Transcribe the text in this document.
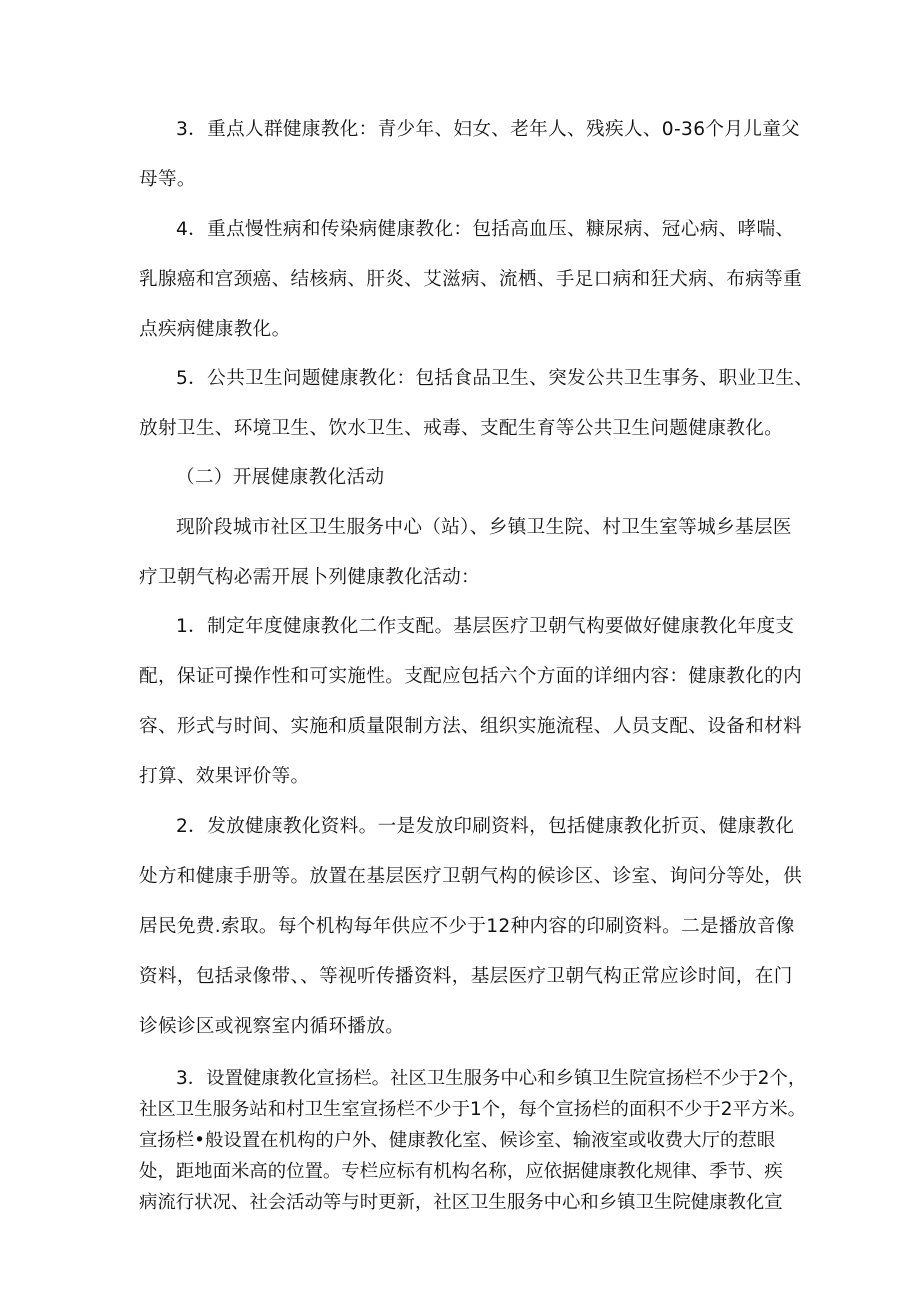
3．重点人群健康教化：青少年、妇女、老年人、残疾人、0-36个月儿童父

母等。

4．重点慢性病和传染病健康教化：包括高血压、糠尿病、冠心病、哮喘、

乳腺癌和宫颈癌、结核病、肝炎、艾滋病、流栖、手足口病和狂犬病、布病等重

点疾病健康教化。

5．公共卫生问题健康教化：包括食品卫生、突发公共卫生事务、职业卫生、

放射卫生、环境卫生、饮水卫生、戒毒、支配生育等公共卫生问题健康教化。

（二）开展健康教化活动

现阶段城市社区卫生服务中心（站）、乡镇卫生院、村卫生室等城乡基层医

疗卫朝气构必需开展卜列健康教化活动：

1．制定年度健康教化二作支配。基层医疗卫朝气构要做好健康教化年度支

配，保证可操作性和可实施性。支配应包括六个方面的详细内容：健康教化的内

容、形式与时间、实施和质量限制方法、组织实施流程、人员支配、设备和材料

打算、效果评价等。

2．发放健康教化资料。一是发放印刷资料，包括健康教化折页、健康教化

处方和健康手册等。放置在基层医疗卫朝气构的候诊区、诊室、询问分等处，供

居民免费.索取。每个机构每年供应不少于12种内容的印刷资料。二是播放音像

资料，包括录像带、、等视听传播资料，基层医疗卫朝气构正常应诊时间，在门

诊候诊区或视察室内循环播放。

3．设置健康教化宣扬栏。社区卫生服务中心和乡镇卫生院宣扬栏不少于2个，

社区卫生服务站和村卫生室宣扬栏不少于1个，每个宣扬栏的面积不少于2平方米。

宣扬栏•般设置在机构的户外、健康教化室、候诊室、输液室或收费大厅的惹眼

处，距地面米高的位置。专栏应标有机构名称，应依据健康教化规律、季节、疾

病流行状况、社会活动等与时更新，社区卫生服务中心和乡镇卫生院健康教化宣
